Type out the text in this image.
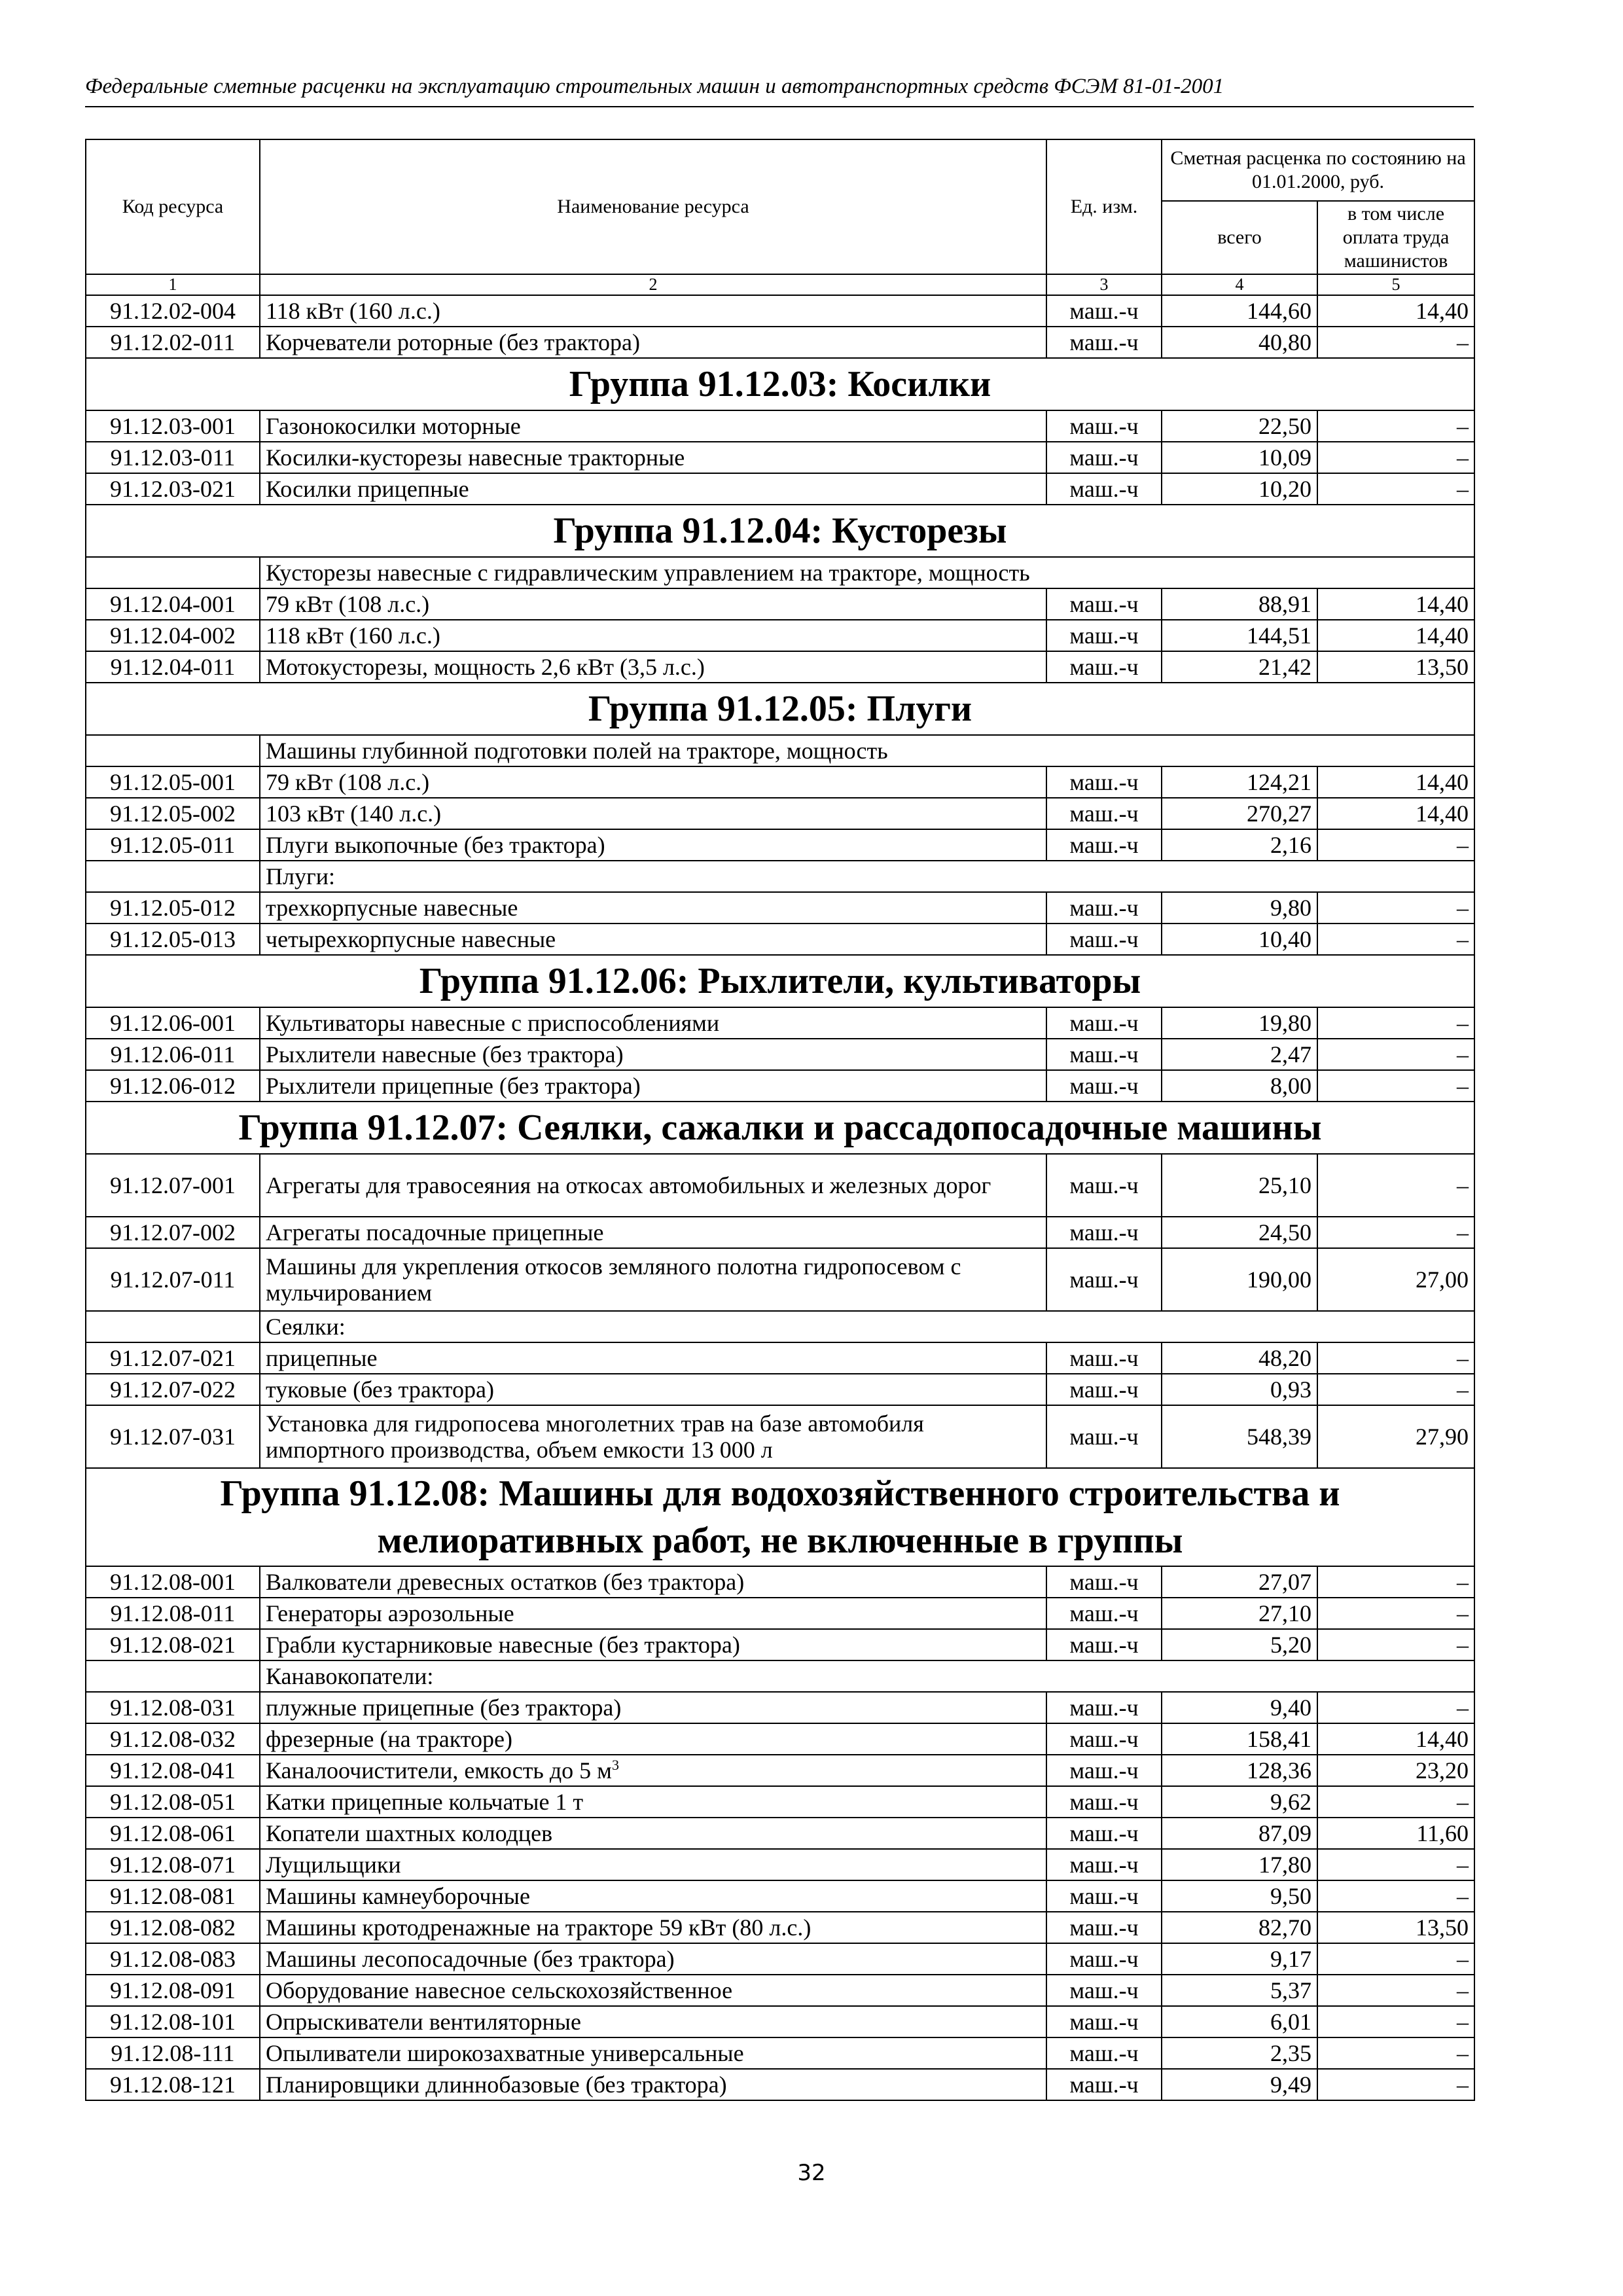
Федеральные сметные расценки на эксплуатацию строительных машин и автотранспортных средств ФСЭМ 81-01-2001
Код ресурса	Наименование ресурса	Ед. изм.	Сметная расценка по состоянию на 01.01.2000, руб.	
			всего	в том числе оплата труда машинистов
1	2	3	4	5
91.12.02-004	118 кВт (160 л.с.)	маш.-ч	144,60	14,40
91.12.02-011	Корчеватели роторные (без трактора)	маш.-ч	40,80	–
Группа 91.12.03: Косилки				
91.12.03-001	Газонокосилки моторные	маш.-ч	22,50	–
91.12.03-011	Косилки-кусторезы навесные тракторные	маш.-ч	10,09	–
91.12.03-021	Косилки прицепные	маш.-ч	10,20	–
Группа 91.12.04: Кусторезы				
	Кусторезы навесные с гидравлическим управлением на тракторе, мощность			
91.12.04-001	79 кВт (108 л.с.)	маш.-ч	88,91	14,40
91.12.04-002	118 кВт (160 л.с.)	маш.-ч	144,51	14,40
91.12.04-011	Мотокусторезы, мощность 2,6 кВт (3,5 л.с.)	маш.-ч	21,42	13,50
Группа 91.12.05: Плуги				
	Машины глубинной подготовки полей на тракторе, мощность			
91.12.05-001	79 кВт (108 л.с.)	маш.-ч	124,21	14,40
91.12.05-002	103 кВт (140 л.с.)	маш.-ч	270,27	14,40
91.12.05-011	Плуги выкопочные (без трактора)	маш.-ч	2,16	–
	Плуги:			
91.12.05-012	трехкорпусные навесные	маш.-ч	9,80	–
91.12.05-013	четырехкорпусные навесные	маш.-ч	10,40	–
Группа 91.12.06: Рыхлители, культиваторы				
91.12.06-001	Культиваторы навесные с приспособлениями	маш.-ч	19,80	–
91.12.06-011	Рыхлители навесные (без трактора)	маш.-ч	2,47	–
91.12.06-012	Рыхлители прицепные (без трактора)	маш.-ч	8,00	–
Группа 91.12.07: Сеялки, сажалки и рассадопосадочные машины				
91.12.07-001	Агрегаты для травосеяния на откосах автомобильных и железных дорог	маш.-ч	25,10	–
91.12.07-002	Агрегаты посадочные прицепные	маш.-ч	24,50	–
91.12.07-011	Машины для укрепления откосов земляного полотна гидропосевом с мульчированием	маш.-ч	190,00	27,00
	Сеялки:			
91.12.07-021	прицепные	маш.-ч	48,20	–
91.12.07-022	туковые (без трактора)	маш.-ч	0,93	–
91.12.07-031	Установка для гидропосева многолетних трав на базе автомобиля импортного производства, объем емкости 13 000 л	маш.-ч	548,39	27,90
Группа 91.12.08: Машины для водохозяйственного строительства и мелиоративных работ, не включенные в группы				
91.12.08-001	Валкователи древесных остатков (без трактора)	маш.-ч	27,07	–
91.12.08-011	Генераторы аэрозольные	маш.-ч	27,10	–
91.12.08-021	Грабли кустарниковые навесные (без трактора)	маш.-ч	5,20	–
	Канавокопатели:			
91.12.08-031	плужные прицепные (без трактора)	маш.-ч	9,40	–
91.12.08-032	фрезерные (на тракторе)	маш.-ч	158,41	14,40
91.12.08-041	Каналоочистители, емкость до 5 $м^3$	маш.-ч	128,36	23,20
91.12.08-051	Катки прицепные кольчатые 1 т	маш.-ч	9,62	–
91.12.08-061	Копатели шахтных колодцев	маш.-ч	87,09	11,60
91.12.08-071	Лущильщики	маш.-ч	17,80	–
91.12.08-081	Машины камнеуборочные	маш.-ч	9,50	–
91.12.08-082	Машины кротодренажные на тракторе 59 кВт (80 л.с.)	маш.-ч	82,70	13,50
91.12.08-083	Машины лесопосадочные (без трактора)	маш.-ч	9,17	–
91.12.08-091	Оборудование навесное сельскохозяйственное	маш.-ч	5,37	–
91.12.08-101	Опрыскиватели вентиляторные	маш.-ч	6,01	–
91.12.08-111	Опыливатели широкозахватные универсальные	маш.-ч	2,35	–
91.12.08-121	Планировщики длиннобазовые (без трактора)	маш.-ч	9,49	–
32
